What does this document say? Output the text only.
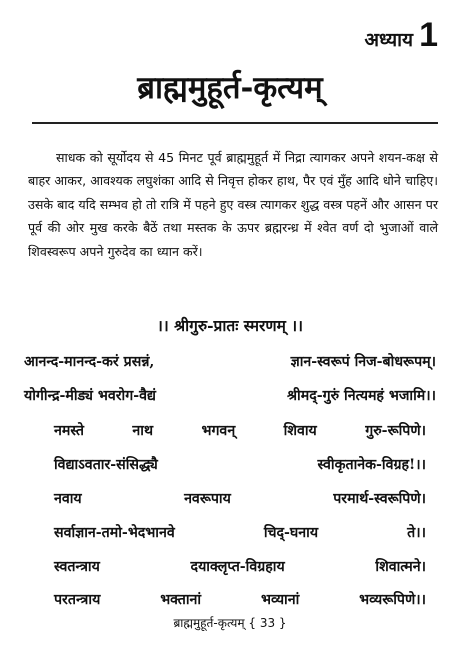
अध्याय 1
ब्राह्ममुहूर्त-कृत्यम्

साधक को सूर्योदय से 45 मिनट पूर्व ब्राह्ममुहूर्त में निद्रा त्यागकर अपने शयन-कक्ष से बाहर आकर, आवश्यक लघुशंका आदि से निवृत्त होकर हाथ, पैर एवं मुँह आदि धोने चाहिए। उसके बाद यदि सम्भव हो तो रात्रि में पहने हुए वस्त्र त्यागकर शुद्ध वस्त्र पहनें और आसन पर पूर्व की ओर मुख करके बैठें तथा मस्तक के ऊपर ब्रह्मरन्ध्र में श्वेत वर्ण दो भुजाओं वाले शिवस्वरूप अपने गुरुदेव का ध्यान करें।

।। श्रीगुरु-प्रातः स्मरणम् ।।
आनन्द-मानन्द-करं प्रसन्नं,	ज्ञान-स्वरूपं निज-बोधरूपम्।
योगीन्द्र-मीड्यं भवरोग-वैद्यं	श्रीमद्-गुरुं नित्यमहं भजामि।।
नमस्ते	नाथ	भगवन्	शिवाय	गुरु-रूपिणे।
विद्याऽवतार-संसिद्ध्यै	स्वीकृतानेक-विग्रह!।।
नवाय	नवरूपाय	परमार्थ-स्वरूपिणे।
सर्वाज्ञान-तमो-भेदभानवे	चिद्-घनाय	ते।।
स्वतन्त्राय	दयाक्लृप्त-विग्रहाय	शिवात्मने।
परतन्त्राय	भक्तानां	भव्यानां	भव्यरूपिणे।।
ब्राह्ममुहूर्त-कृत्यम् { 33 }
